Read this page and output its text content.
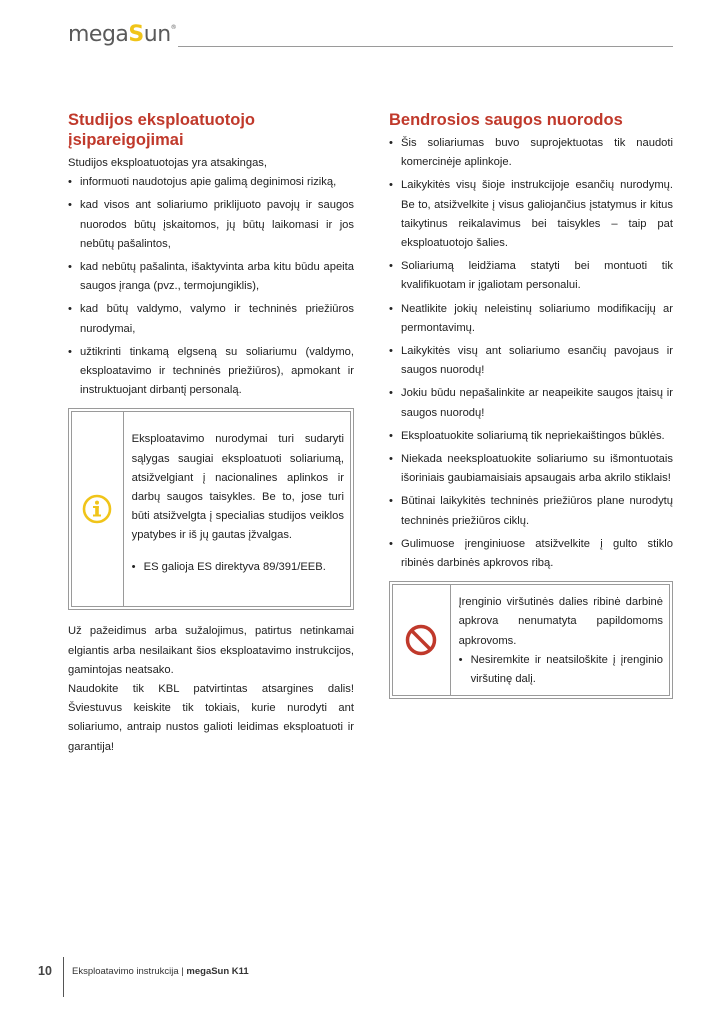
megaSun®
Studijos eksploatuotojo įsipareigojimai

Studijos eksploatuotojas yra atsakingas,

• informuoti naudotojus apie galimą deginimosi riziką,
• kad visos ant soliariumo priklijuoto pavojų ir saugos nuorodos būtų įskaitomos, jų būtų laikomasi ir jos nebūtų pašalintos,
• kad nebūtų pašalinta, išaktyvinta arba kitu būdu apeita saugos įranga (pvz., termojungiklis),
• kad būtų valdymo, valymo ir techninės priežiūros nurodymai,
• užtikrinti tinkamą elgseną su soliariumu (valdymo, eksploatavimo ir techninės priežiūros), apmokant ir instruktuojant dirbantį personalą.

Eksploatavimo nurodymai turi sudaryti sąlygas saugiai eksploatuoti soliariumą, atsižvelgiant į nacionalines aplinkos ir darbų saugos taisykles. Be to, jose turi būti atsižvelgta į specialias studijos veiklos ypatybes ir iš jų gautas įžvalgas.

• ES galioja ES direktyva 89/391/EEB.

Už pažeidimus arba sužalojimus, patirtus netinkamai elgiantis arba nesilaikant šios eksploatavimo instrukcijos, gamintojas neatsako.

Naudokite tik KBL patvirtintas atsargines dalis! Šviestuvus keiskite tik tokiais, kurie nurodyti ant soliariumo, antraip nustos galioti leidimas eksploatuoti ir garantija!

Bendrosios saugos nuorodos
• Šis soliariumas buvo suprojektuotas tik naudoti komercinėje aplinkoje.
• Laikykitės visų šioje instrukcijoje esančių nurodymų. Be to, atsižvelkite į visus galiojančius įstatymus ir kitus taikytinus reikalavimus bei taisykles – taip pat eksploatuotojo šalies.
• Soliariumą leidžiama statyti bei montuoti tik kvalifikuotam ir įgaliotam personalui.
• Neatlikite jokių neleistinų soliariumo modifikacijų ar permontavimų.
• Laikykitės visų ant soliariumo esančių pavojaus ir saugos nuorodų!
• Jokiu būdu nepašalinkite ar neapeikite saugos įtaisų ir saugos nuorodų!
• Eksploatuokite soliariumą tik nepriekaištingos būklės.
• Niekada neeksploatuokite soliariumo su išmontuotais išoriniais gaubiamaisiais apsaugais arba akrilo stiklais!
• Būtinai laikykitės techninės priežiūros plane nurodytų techninės priežiūros ciklų.
• Gulimuose įrenginiuose atsižvelkite į gulto stiklo ribinės darbinės apkrovos ribą.

Įrenginio viršutinės dalies ribinė darbinė apkrova nenumatyta papildomoms apkrovoms.

• Nesiremkite ir neatsiloškite į įrenginio viršutinę dalį.
10 Eksploatavimo instrukcija | megaSun K11
